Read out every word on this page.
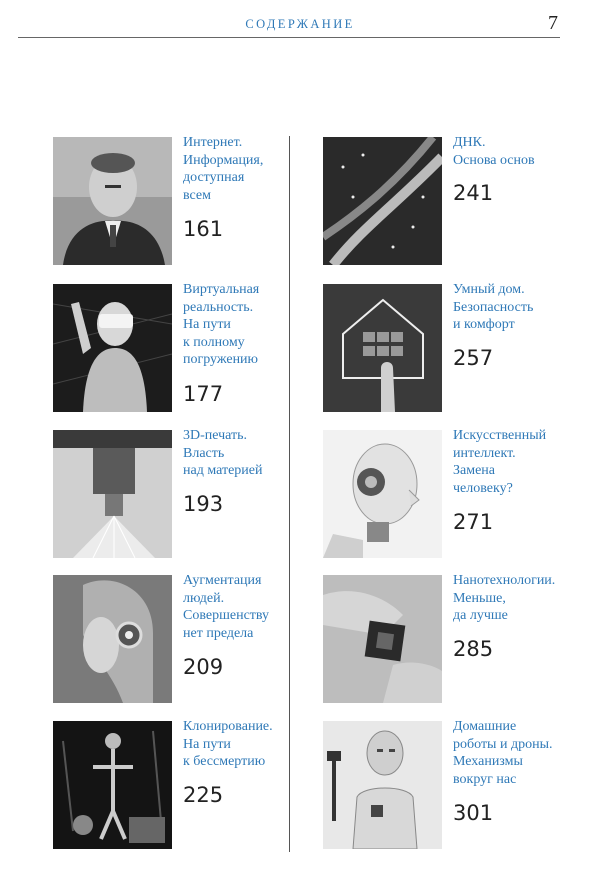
СОДЕРЖАНИЕ	7
Интернет.
Информация,
доступная
всем
161
Виртуальная
реальность.
На пути
к полному
погружению
177
3D-печать.
Власть
над материей
193
Аугментация
людей.
Совершенству
нет предела
209
Клонирование.
На пути
к бессмертию
225
ДНК.
Основа основ
241
Умный дом.
Безопасность
и комфорт
257
Искусственный
интеллект.
Замена
человеку?
271
Нанотехнологии.
Меньше,
да лучше
285
Домашние
роботы и дроны.
Механизмы
вокруг нас
301
